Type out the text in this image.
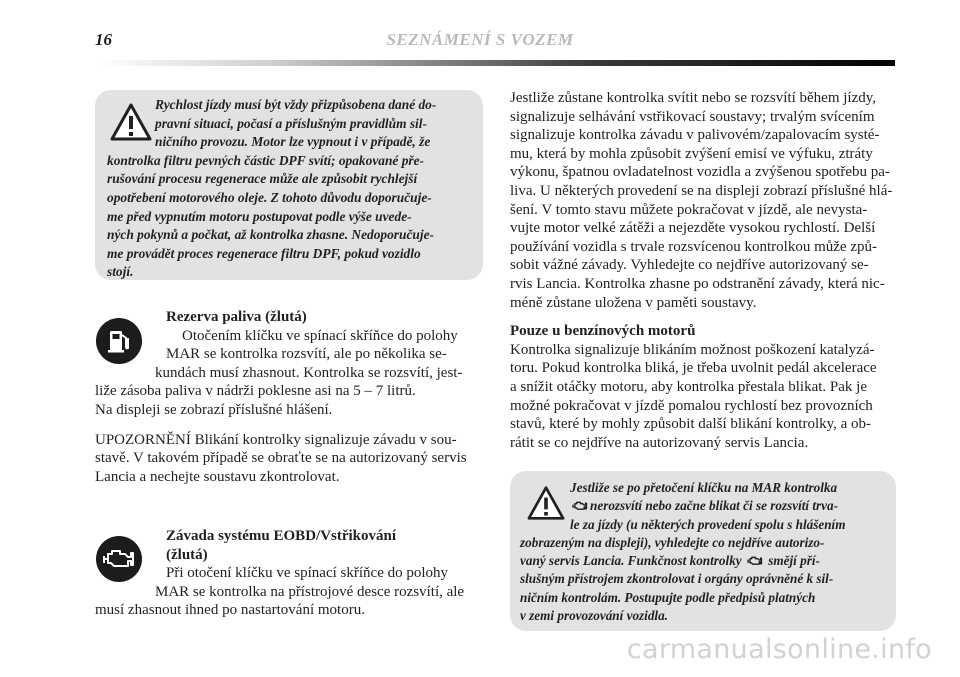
16	SEZNÁMENÍ S VOZEM
Rychlost jízdy musí být vždy přizpůsobena dané do-
pravní situaci, počasí a příslušným pravidlům sil-
ničního provozu. Motor lze vypnout i v případě, že
kontrolka filtru pevných částic DPF svítí; opakované pře-
rušování procesu regenerace může ale způsobit rychlejší
opotřebení motorového oleje. Z tohoto důvodu doporučuje-
me před vypnutím motoru postupovat podle výše uvede-
ných pokynů a počkat, až kontrolka zhasne. Nedoporučuje-
me provádět proces regenerace filtru DPF, pokud vozidlo
stojí.
Rezerva paliva (žlutá)
Otočením klíčku ve spínací skříňce do polohy
MAR se kontrolka rozsvítí, ale po několika se-
kundách musí zhasnout. Kontrolka se rozsvítí, jest-
liže zásoba paliva v nádrži poklesne asi na 5 – 7 litrů.
Na displeji se zobrazí příslušné hlášení.
UPOZORNĚNÍ Blikání kontrolky signalizuje závadu v sou-
stavě. V takovém případě se obraťte se na autorizovaný servis
Lancia a nechejte soustavu zkontrolovat.
Závada systému EOBD/Vstřikování
(žlutá)
Při otočení klíčku ve spínací skříňce do polohy
MAR se kontrolka na přístrojové desce rozsvítí, ale
musí zhasnout ihned po nastartování motoru.
Jestliže zůstane kontrolka svítit nebo se rozsvítí během jízdy,
signalizuje selhávání vstřikovací soustavy; trvalým svícením
signalizuje kontrolka závadu v palivovém/zapalovacím systé-
mu, která by mohla způsobit zvýšení emisí ve výfuku, ztráty
výkonu, špatnou ovladatelnost vozidla a zvýšenou spotřebu pa-
liva. U některých provedení se na displeji zobrazí příslušné hlá-
šení. V tomto stavu můžete pokračovat v jízdě, ale nevysta-
vujte motor velké zátěži a nejezděte vysokou rychlostí. Delší
používání vozidla s trvale rozsvícenou kontrolkou může způ-
sobit vážné závady. Vyhledejte co nejdříve autorizovaný se-
rvis Lancia. Kontrolka zhasne po odstranění závady, která nic-
méně zůstane uložena v paměti soustavy.
Pouze u benzínových motorů
Kontrolka signalizuje blikáním možnost poškození katalyzá-
toru. Pokud kontrolka bliká, je třeba uvolnit pedál akcelerace
a snížit otáčky motoru, aby kontrolka přestala blikat. Pak je
možné pokračovat v jízdě pomalou rychlostí bez provozních
stavů, které by mohly způsobit další blikání kontrolky, a ob-
rátit se co nejdříve na autorizovaný servis Lancia.
Jestliže se po přetočení klíčku na MAR kontrolka
nerozsvítí nebo začne blikat či se rozsvítí trva-
le za jízdy (u některých provedení spolu s hlášením
zobrazeným na displeji), vyhledejte co nejdříve autorizo-
vaný servis Lancia. Funkčnost kontrolky smějí pří-
slušným přístrojem zkontrolovat i orgány oprávněné k sil-
ničním kontrolám. Postupujte podle předpisů platných
v zemi provozování vozidla.
carmanualsonline.info
